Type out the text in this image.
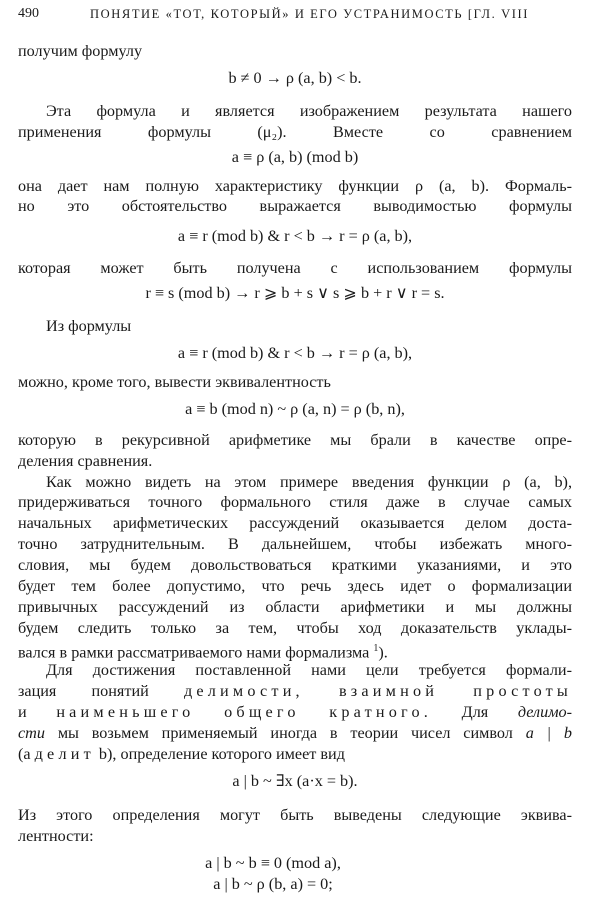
490	ПОНЯТИЕ «ТОТ, КОТОРЫЙ» И ЕГО УСТРАНИМОСТЬ [ГЛ. VIII
получим формулу
b ≠ 0 → ρ (a, b) < b.
Эта формула и является изображением результата нашего
применения формулы (μ₂). Вместе со сравнением
a ≡ ρ (a, b) (mod b)
она дает нам полную характеристику функции ρ (a, b). Формаль-
но это обстоятельство выражается выводимостью формулы
a ≡ r (mod b) & r < b → r = ρ (a, b),
которая может быть получена с использованием формулы
r ≡ s (mod b) → r ⩾ b + s ∨ s ⩾ b + r ∨ r = s.
Из формулы
a ≡ r (mod b) & r < b → r = ρ (a, b),
можно, кроме того, вывести эквивалентность
a ≡ b (mod n) ~ ρ (a, n) = ρ (b, n),
которую в рекурсивной арифметике мы брали в качестве опре-
деления сравнения.
Как можно видеть на этом примере введения функции ρ (a, b),
придерживаться точного формального стиля даже в случае самых
начальных арифметических рассуждений оказывается делом доста-
точно затруднительным. В дальнейшем, чтобы избежать много-
словия, мы будем довольствоваться краткими указаниями, и это
будет тем более допустимо, что речь здесь идет о формализации
привычных рассуждений из области арифметики и мы должны
будем следить только за тем, чтобы ход доказательств уклады-
вался в рамки рассматриваемого нами формализма $^1$).
Для достижения поставленной нами цели требуется формали-
зация понятий делимости, взаимной простоты
и наименьшего общего кратного. Для делимо-
сти мы возьмем применяемый иногда в теории чисел символ a | b
(a делит b), определение которого имеет вид
a | b ~ ∃x (a·x = b).
Из этого определения могут быть выведены следующие эквива-
лентности:
a | b ~ b ≡ 0 (mod a),
a | b ~ ρ (b, a) = 0;
